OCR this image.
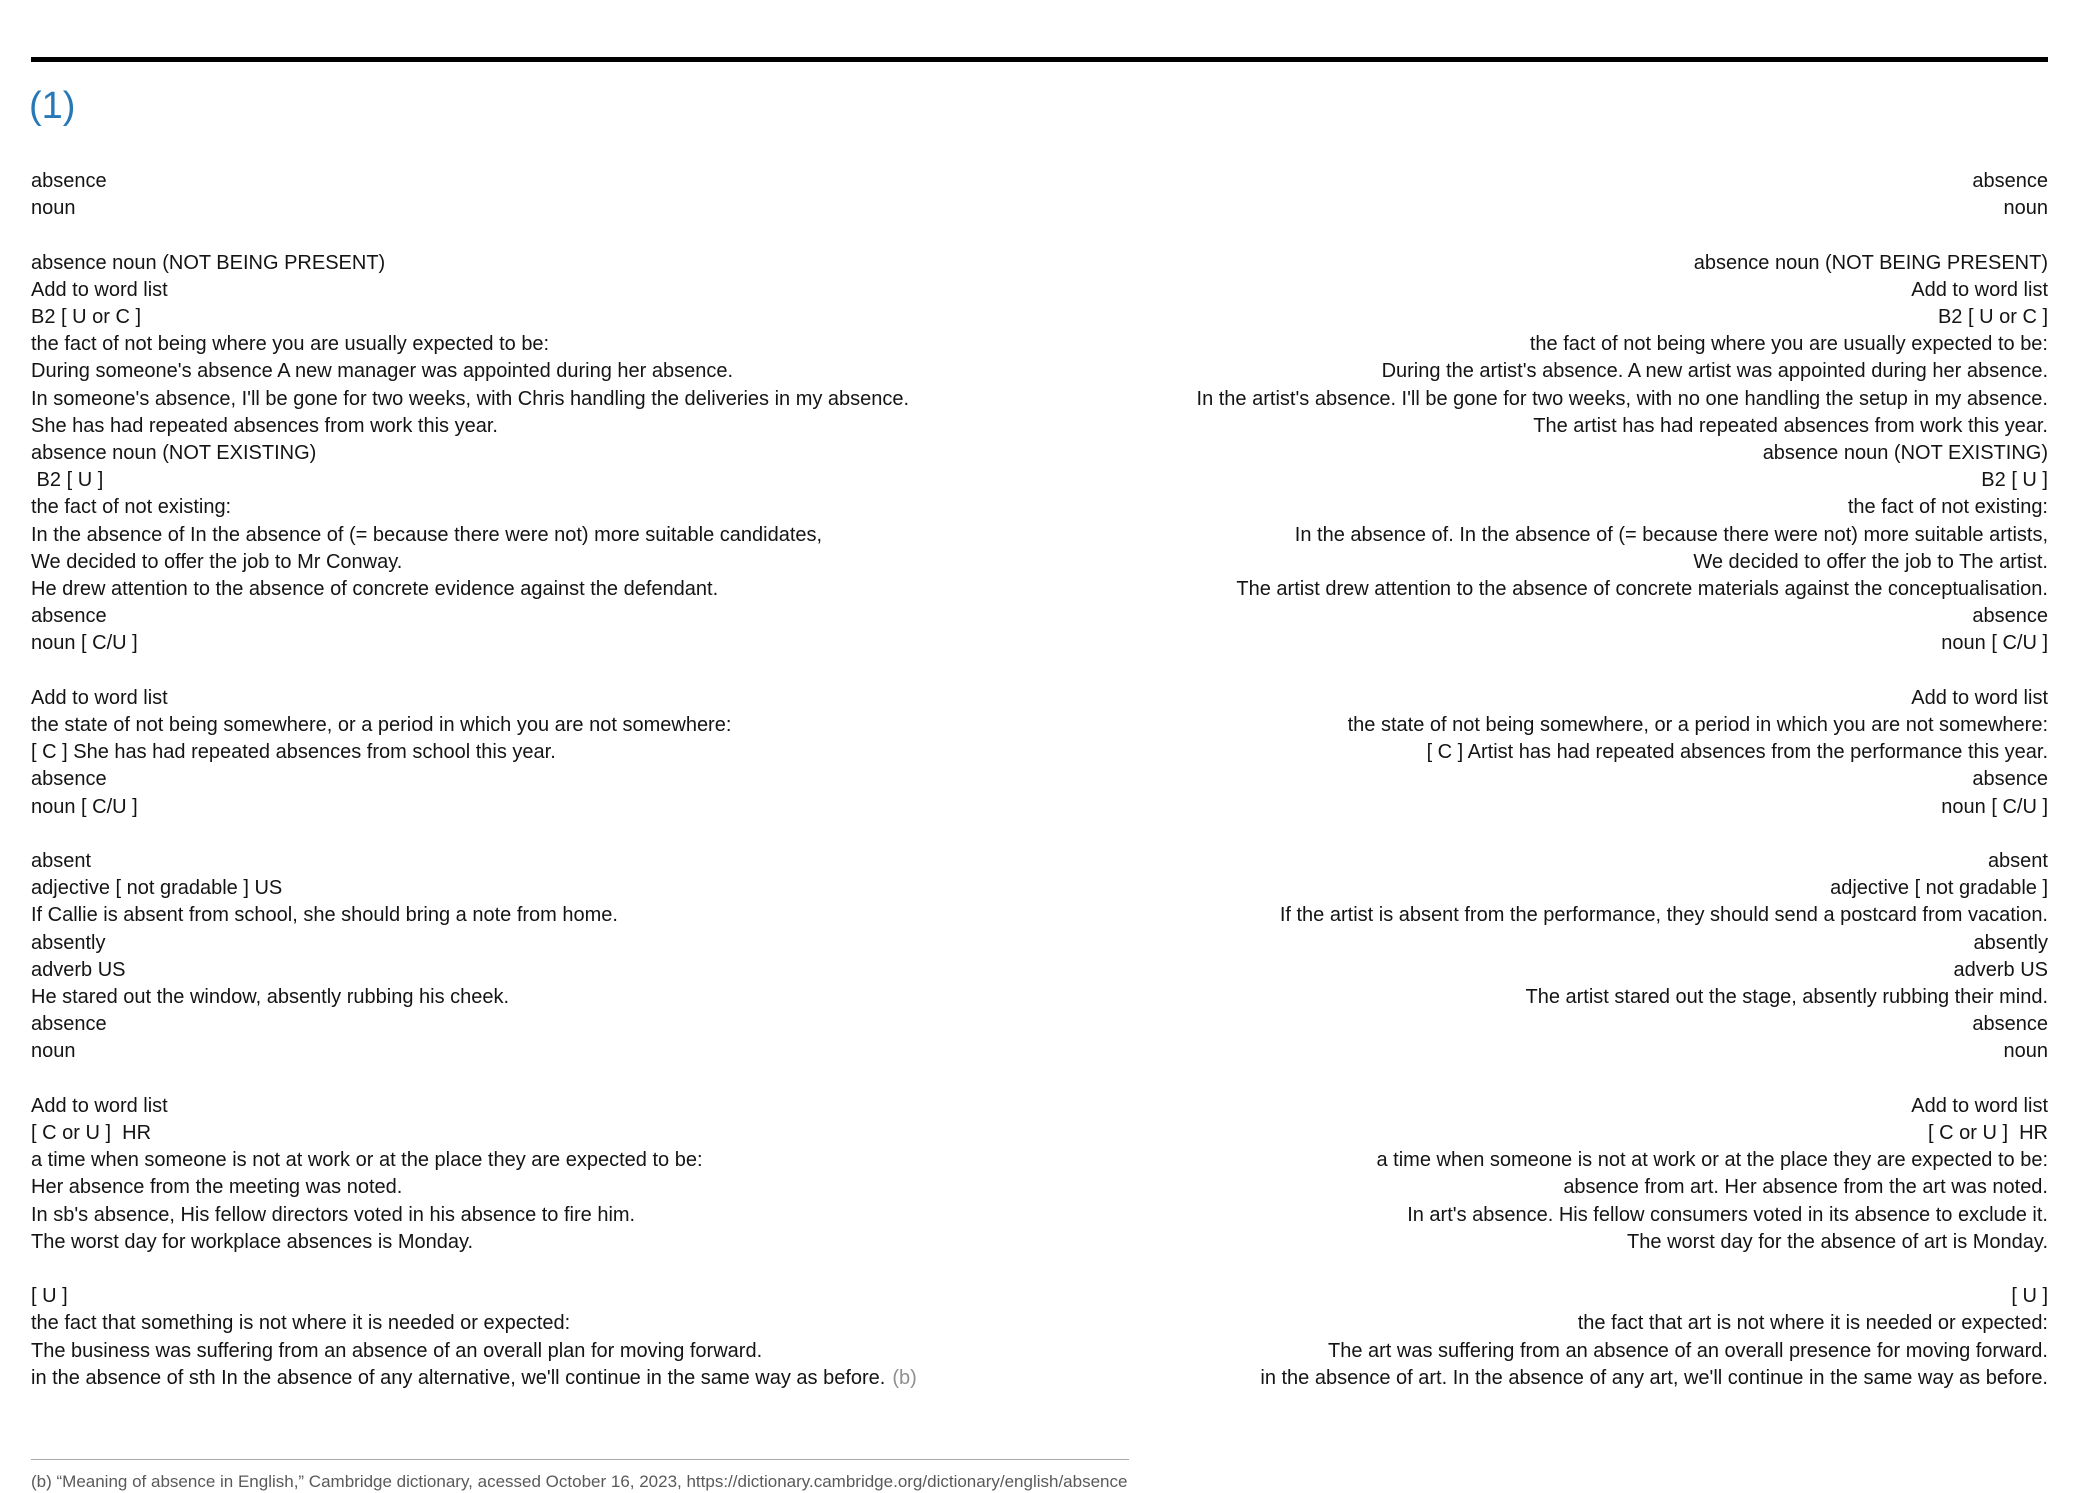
(1)
absence
noun
absence noun (NOT BEING PRESENT)
Add to word list
B2 [ U or C ]
the fact of not being where you are usually expected to be:
During someone's absence A new manager was appointed during her absence.
In someone's absence, I'll be gone for two weeks, with Chris handling the deliveries in my absence.
She has had repeated absences from work this year.
absence noun (NOT EXISTING)
B2 [ U ]
the fact of not existing:
In the absence of In the absence of (= because there were not) more suitable candidates,
We decided to offer the job to Mr Conway.
He drew attention to the absence of concrete evidence against the defendant.
absence
noun [ C/U ]
Add to word list
the state of not being somewhere, or a period in which you are not somewhere:
[ C ] She has had repeated absences from school this year.
absence
noun [ C/U ]
absent
adjective [ not gradable ] US
If Callie is absent from school, she should bring a note from home.
absently
adverb US
He stared out the window, absently rubbing his cheek.
absence
noun
Add to word list
[ C or U ]  HR
a time when someone is not at work or at the place they are expected to be:
Her absence from the meeting was noted.
In sb's absence, His fellow directors voted in his absence to fire him.
The worst day for workplace absences is Monday.
[ U ]
the fact that something is not where it is needed or expected:
The business was suffering from an absence of an overall plan for moving forward.
in the absence of sth In the absence of any alternative, we'll continue in the same way as before. (b)
absence
noun
absence noun (NOT BEING PRESENT)
Add to word list
B2 [ U or C ]
the fact of not being where you are usually expected to be:
During the artist's absence. A new artist was appointed during her absence.
In the artist's absence. I'll be gone for two weeks, with no one handling the setup in my absence.
The artist has had repeated absences from work this year.
absence noun (NOT EXISTING)
B2 [ U ]
the fact of not existing:
In the absence of. In the absence of (= because there were not) more suitable artists,
We decided to offer the job to The artist.
The artist drew attention to the absence of concrete materials against the conceptualisation.
absence
noun [ C/U ]
Add to word list
the state of not being somewhere, or a period in which you are not somewhere:
[ C ] Artist has had repeated absences from the performance this year.
absence
noun [ C/U ]
absent
adjective [ not gradable ]
If the artist is absent from the performance, they should send a postcard from vacation.
absently
adverb US
The artist stared out the stage, absently rubbing their mind.
absence
noun
Add to word list
[ C or U ]  HR
a time when someone is not at work or at the place they are expected to be:
absence from art. Her absence from the art was noted.
In art's absence. His fellow consumers voted in its absence to exclude it.
The worst day for the absence of art is Monday.
[ U ]
the fact that art is not where it is needed or expected:
The art was suffering from an absence of an overall presence for moving forward.
in the absence of art. In the absence of any art, we'll continue in the same way as before.
(b) “Meaning of absence in English,” Cambridge dictionary, acessed October 16, 2023, https://dictionary.cambridge.org/dictionary/english/absence
